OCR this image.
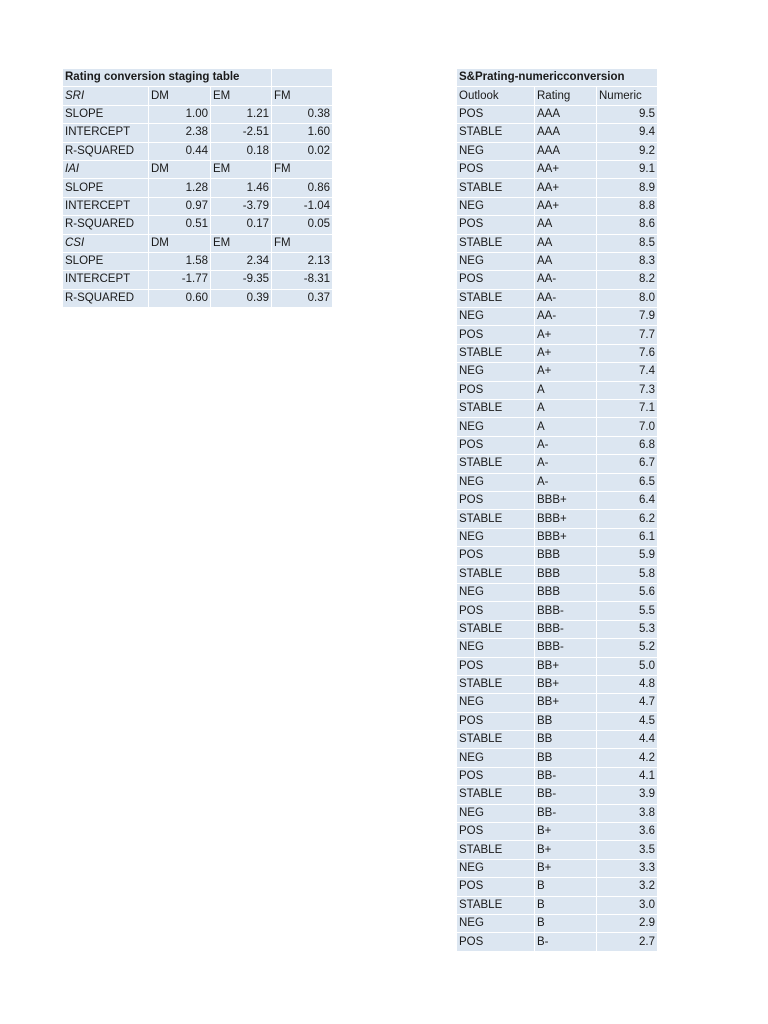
Rating conversion staging table			
SRI	DM	EM	FM
SLOPE	1.00	1.21	0.38
INTERCEPT	2.38	-2.51	1.60
R-SQUARED	0.44	0.18	0.02
IAI	DM	EM	FM
SLOPE	1.28	1.46	0.86
INTERCEPT	0.97	-3.79	-1.04
R-SQUARED	0.51	0.17	0.05
CSI	DM	EM	FM
SLOPE	1.58	2.34	2.13
INTERCEPT	-1.77	-9.35	-8.31
R-SQUARED	0.60	0.39	0.37
S&Prating-numericconversion		
Outlook	Rating	Numeric
POS	AAA	9.5
STABLE	AAA	9.4
NEG	AAA	9.2
POS	AA+	9.1
STABLE	AA+	8.9
NEG	AA+	8.8
POS	AA	8.6
STABLE	AA	8.5
NEG	AA	8.3
POS	AA-	8.2
STABLE	AA-	8.0
NEG	AA-	7.9
POS	A+	7.7
STABLE	A+	7.6
NEG	A+	7.4
POS	A	7.3
STABLE	A	7.1
NEG	A	7.0
POS	A-	6.8
STABLE	A-	6.7
NEG	A-	6.5
POS	BBB+	6.4
STABLE	BBB+	6.2
NEG	BBB+	6.1
POS	BBB	5.9
STABLE	BBB	5.8
NEG	BBB	5.6
POS	BBB-	5.5
STABLE	BBB-	5.3
NEG	BBB-	5.2
POS	BB+	5.0
STABLE	BB+	4.8
NEG	BB+	4.7
POS	BB	4.5
STABLE	BB	4.4
NEG	BB	4.2
POS	BB-	4.1
STABLE	BB-	3.9
NEG	BB-	3.8
POS	B+	3.6
STABLE	B+	3.5
NEG	B+	3.3
POS	B	3.2
STABLE	B	3.0
NEG	B	2.9
POS	B-	2.7
